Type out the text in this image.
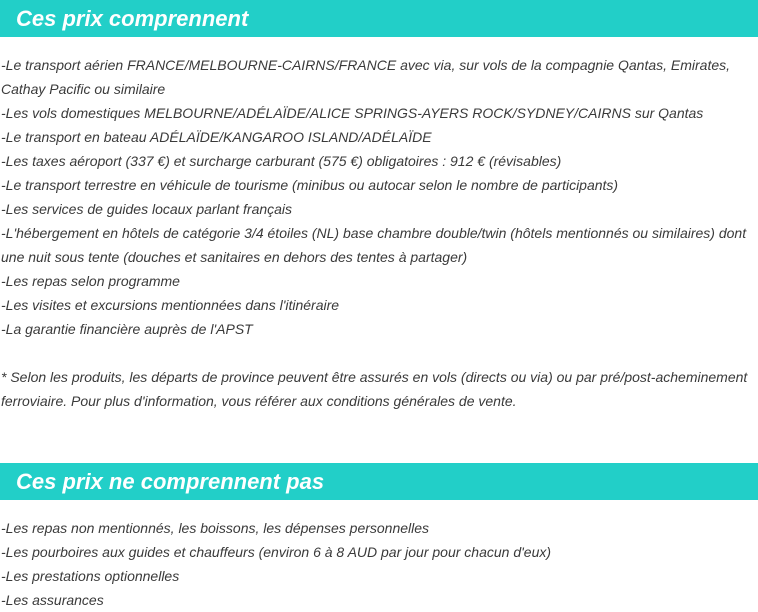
Ces prix comprennent

-Le transport aérien FRANCE/MELBOURNE-CAIRNS/FRANCE avec via, sur vols de la compagnie Qantas, Emirates, Cathay Pacific ou similaire

-Les vols domestiques MELBOURNE/ADÉLAÏDE/ALICE SPRINGS-AYERS ROCK/SYDNEY/CAIRNS sur Qantas

-Le transport en bateau ADÉLAÏDE/KANGAROO ISLAND/ADÉLAÏDE

-Les taxes aéroport (337 €) et surcharge carburant (575 €) obligatoires : 912 € (révisables)

-Le transport terrestre en véhicule de tourisme (minibus ou autocar selon le nombre de participants)

-Les services de guides locaux parlant français

-L'hébergement en hôtels de catégorie 3/4 étoiles (NL) base chambre double/twin (hôtels mentionnés ou similaires) dont une nuit sous tente (douches et sanitaires en dehors des tentes à partager)

-Les repas selon programme

-Les visites et excursions mentionnées dans l'itinéraire

-La garantie financière auprès de l'APST

* Selon les produits, les départs de province peuvent être assurés en vols (directs ou via) ou par pré/post-acheminement ferroviaire. Pour plus d'information, vous référer aux conditions générales de vente.

Ces prix ne comprennent pas

-Les repas non mentionnés, les boissons, les dépenses personnelles

-Les pourboires aux guides et chauffeurs (environ 6 à 8 AUD par jour pour chacun d'eux)

-Les prestations optionnelles

-Les assurances
